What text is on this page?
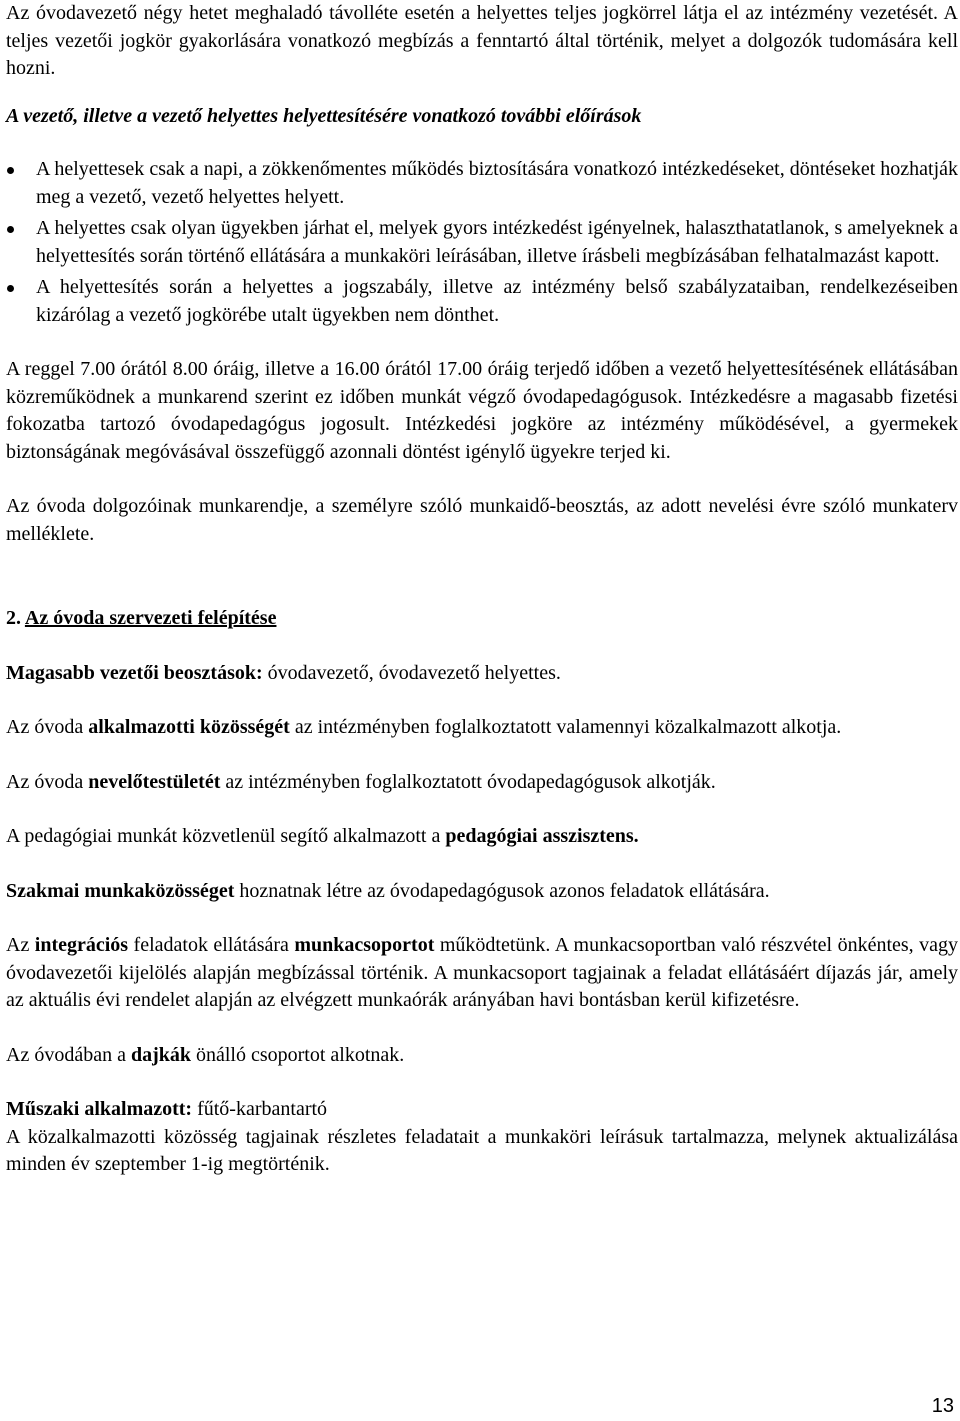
Az óvodavezető négy hetet meghaladó távolléte esetén a helyettes teljes jogkörrel látja el az intézmény vezetését. A teljes vezetői jogkör gyakorlására vonatkozó megbízás a fenntartó által történik, melyet a dolgozók tudomására kell hozni.

A vezető, illetve a vezető helyettes helyettesítésére vonatkozó további előírások

A helyettesek csak a napi, a zökkenőmentes működés biztosítására vonatkozó intézkedéseket, döntéseket hozhatják meg a vezető, vezető helyettes helyett.
A helyettes csak olyan ügyekben járhat el, melyek gyors intézkedést igényelnek, halaszthatatlanok, s amelyeknek a helyettesítés során történő ellátására a munkaköri leírásában, illetve írásbeli megbízásában felhatalmazást kapott.
A helyettesítés során a helyettes a jogszabály, illetve az intézmény belső szabályzataiban, rendelkezéseiben kizárólag a vezető jogkörébe utalt ügyekben nem dönthet.

A reggel 7.00 órától 8.00 óráig, illetve a 16.00 órától 17.00 óráig terjedő időben a vezető helyettesítésének ellátásában közreműködnek a munkarend szerint ez időben munkát végző óvodapedagógusok. Intézkedésre a magasabb fizetési fokozatba tartozó óvodapedagógus jogosult. Intézkedési jogköre az intézmény működésével, a gyermekek biztonságának megóvásával összefüggő azonnali döntést igénylő ügyekre terjed ki.

Az óvoda dolgozóinak munkarendje, a személyre szóló munkaidő-beosztás, az adott nevelési évre szóló munkaterv melléklete.

2. Az óvoda szervezeti felépítése

Magasabb vezetői beosztások: óvodavezető, óvodavezető helyettes.

Az óvoda alkalmazotti közösségét az intézményben foglalkoztatott valamennyi közalkalmazott alkotja.

Az óvoda nevelőtestületét az intézményben foglalkoztatott óvodapedagógusok alkotják.

A pedagógiai munkát közvetlenül segítő alkalmazott a pedagógiai asszisztens.

Szakmai munkaközösséget hoznatnak létre az óvodapedagógusok azonos feladatok ellátására.

Az integrációs feladatok ellátására munkacsoportot működtetünk. A munkacsoportban való részvétel önkéntes, vagy óvodavezetői kijelölés alapján megbízással történik. A munkacsoport tagjainak a feladat ellátásáért díjazás jár, amely az aktuális évi rendelet alapján az elvégzett munkaórák arányában havi bontásban kerül kifizetésre.

Az óvodában a dajkák önálló csoportot alkotnak.

Műszaki alkalmazott: fűtő-karbantartó

A közalkalmazotti közösség tagjainak részletes feladatait a munkaköri leírásuk tartalmazza, melynek aktualizálása minden év szeptember 1-ig megtörténik.

13
